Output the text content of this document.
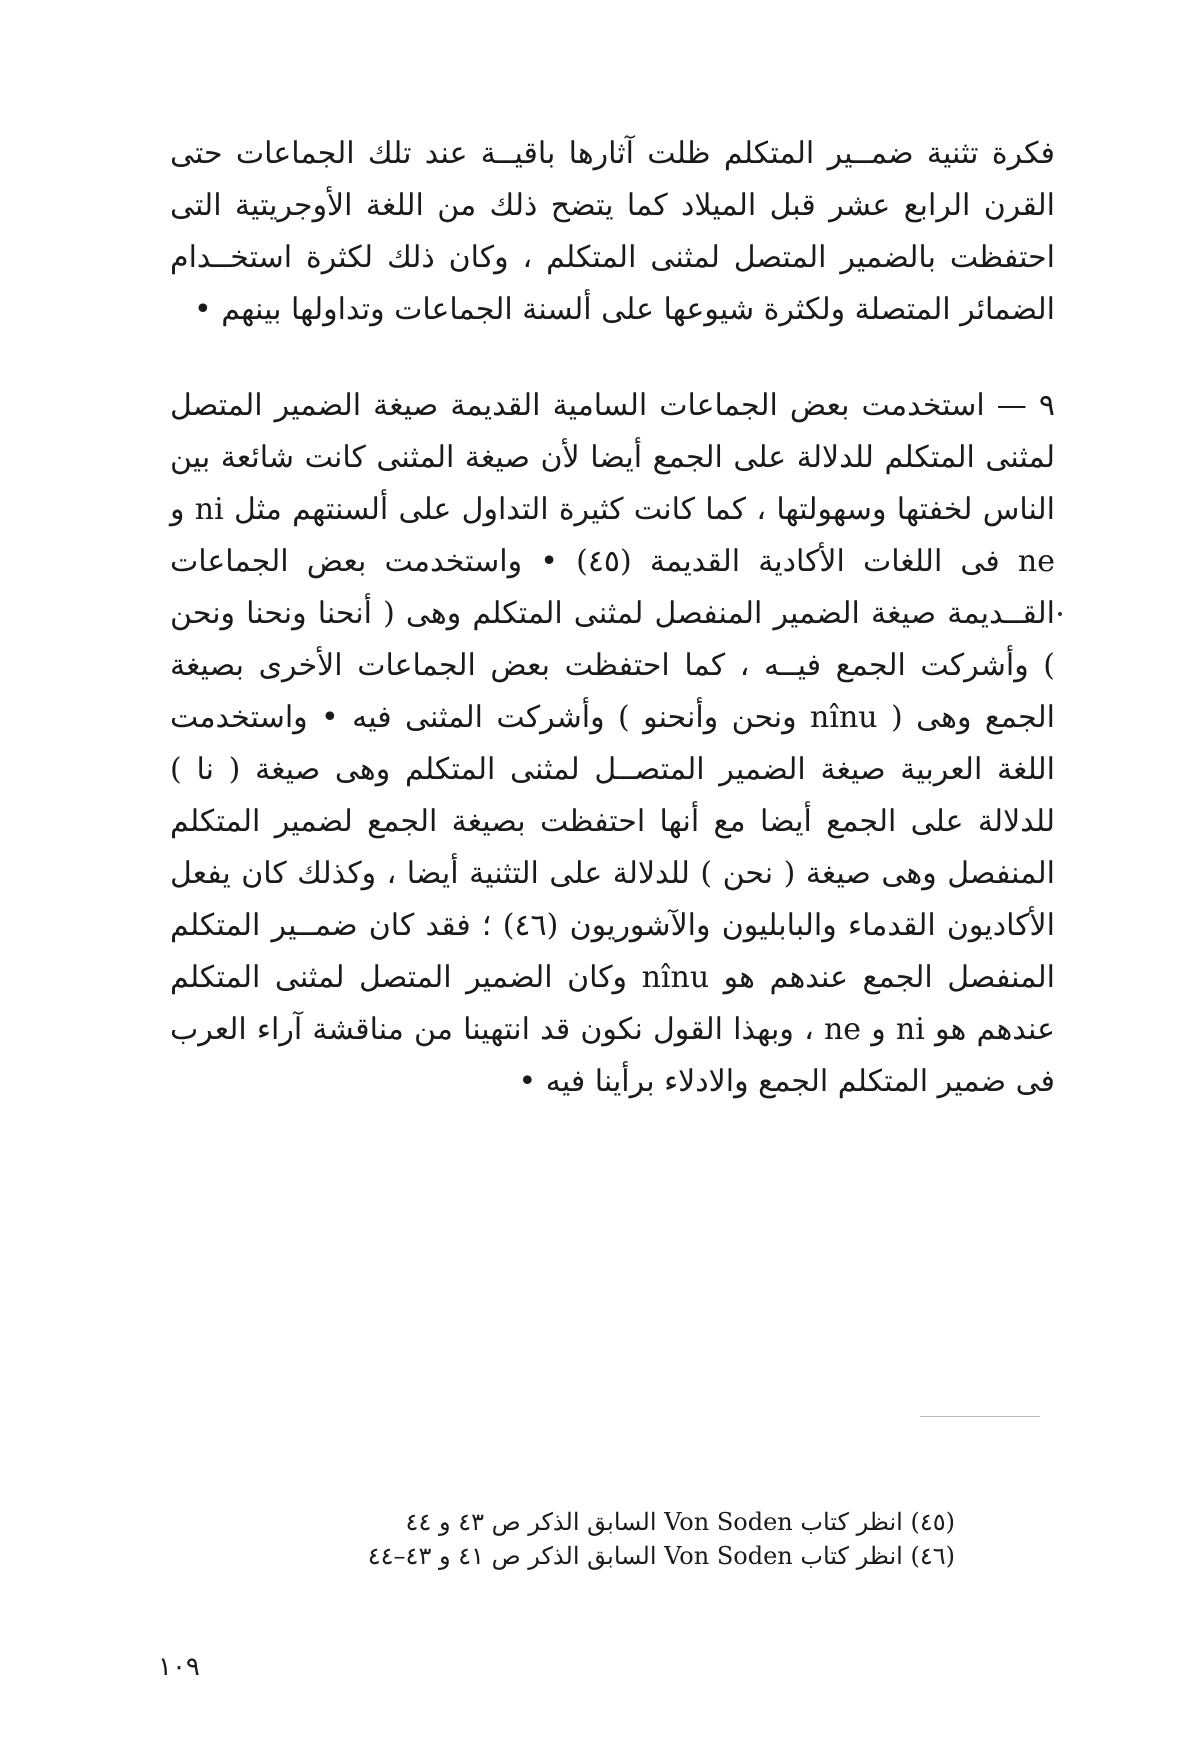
فكرة تثنية ضمــير المتكلم ظلت آثارها باقيــة عند تلك الجماعات حتى القرن الرابع عشر قبل الميلاد كما يتضح ذلك من اللغة الأوجريتية التى احتفظت بالضمير المتصل لمثنى المتكلم ، وكان ذلك لكثرة استخــدام الضمائر المتصلة ولكثرة شيوعها على ألسنة الجماعات وتداولها بينهم •

٩ — استخدمت بعض الجماعات السامية القديمة صيغة الضمير المتصل لمثنى المتكلم للدلالة على الجمع أيضا لأن صيغة المثنى كانت شائعة بين الناس لخفتها وسهولتها ، كما كانت كثيرة التداول على ألسنتهم مثل ni و ne فى اللغات الأكادية القديمة (٤٥) • واستخدمت بعض الجماعات القــديمة صيغة الضمير المنفصل لمثنى المتكلم وهى ( أنحنا ونحنا ونحن ) وأشركت الجمع فيــه ، كما احتفظت بعض الجماعات الأخرى بصيغة الجمع وهى ( nînu ونحن وأنحنو ) وأشركت المثنى فيه • واستخدمت اللغة العربية صيغة الضمير المتصــل لمثنى المتكلم وهى صيغة ( نا ) للدلالة على الجمع أيضا مع أنها احتفظت بصيغة الجمع لضمير المتكلم المنفصل وهى صيغة ( نحن ) للدلالة على التثنية أيضا ، وكذلك كان يفعل الأكاديون القدماء والبابليون والآشوريون (٤٦) ؛ فقد كان ضمــير المتكلم المنفصل الجمع عندهم هو nînu وكان الضمير المتصل لمثنى المتكلم عندهم هو ni و ne ، وبهذا القول نكون قد انتهينا من مناقشة آراء العرب فى ضمير المتكلم الجمع والادلاء برأينا فيه •

(٤٥) انظر كتاب Von Soden السابق الذكر ص ٤٣ و ٤٤

(٤٦) انظر كتاب Von Soden السابق الذكر ص ٤١ و ٤٣–٤٤

١٠٩
